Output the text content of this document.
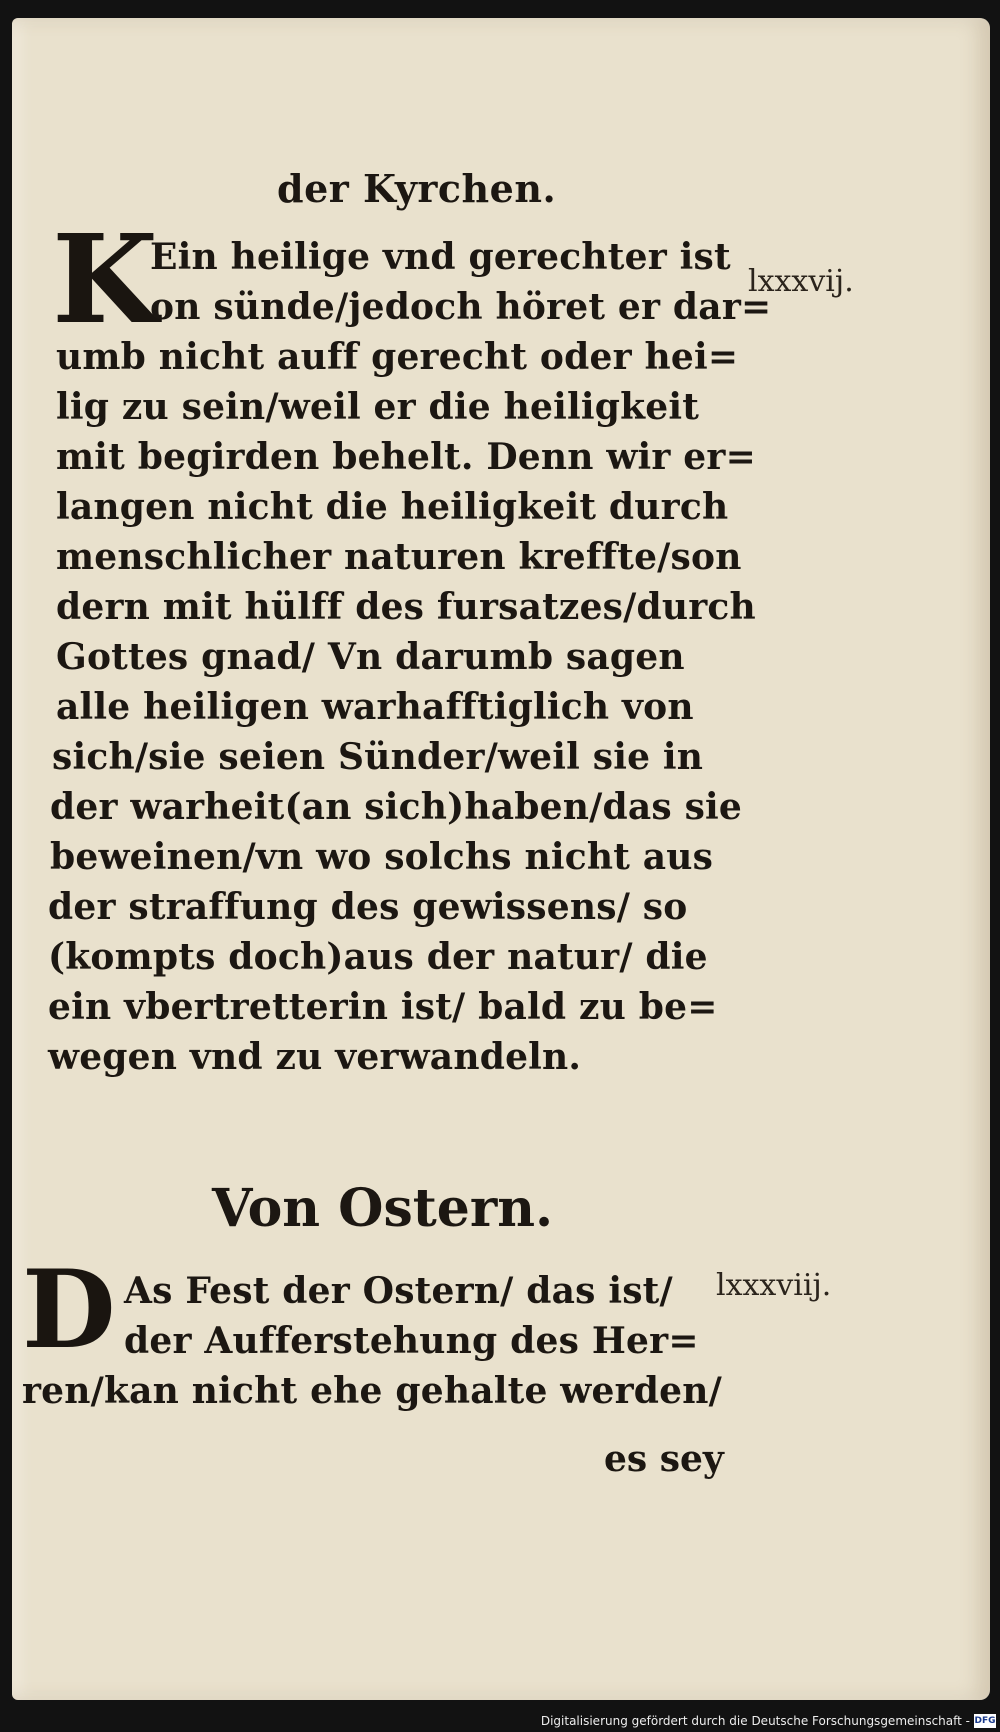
der Kyrchen.
K	lxxxvij.
Ein heilige vnd gerechter ist
on sünde/jedoch höret er dar=
umb nicht auff gerecht oder hei=
lig zu sein/weil er die heiligkeit
mit begirden behelt. Denn wir er=
langen nicht die heiligkeit durch
menschlicher naturen kreffte/son
dern mit hülff des fursatzes/durch
Gottes gnad/ Vn darumb sagen
alle heiligen warhafftiglich von
sich/sie seien Sünder/weil sie in
der warheit(an sich)haben/das sie
beweinen/vn wo solchs nicht aus
der straffung des gewissens/ so
(kompts doch)aus der natur/ die
ein vbertretterin ist/ bald zu be=
wegen vnd zu verwandeln.
Von Ostern.
D	lxxxviij.
As Fest der Ostern/ das ist/
der Aufferstehung des Her=
ren/kan nicht ehe gehalte werden/
es sey
Digitalisierung gefördert durch die Deutsche Forschungsgemeinschaft - DFG
